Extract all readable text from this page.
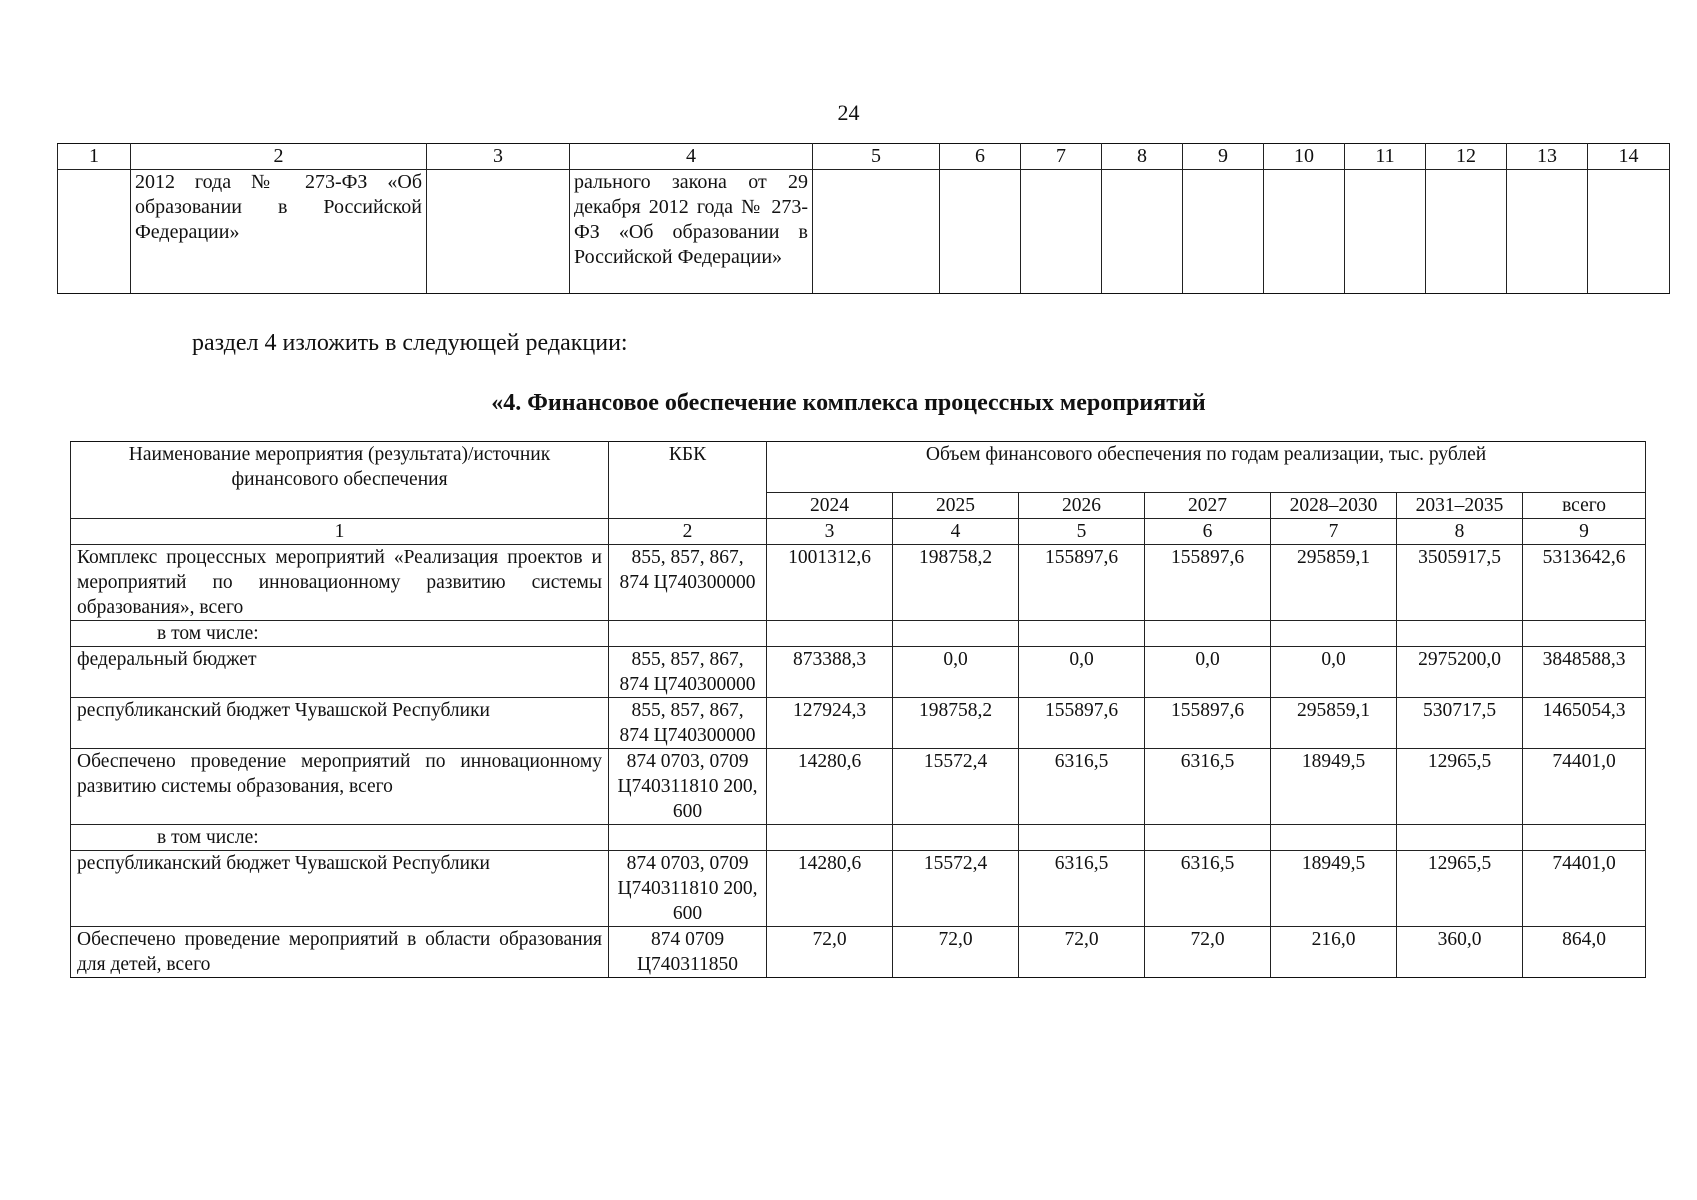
24
1	2	3	4	5	6	7	8	9	10	11	12	13	14
	2012 года № 273-ФЗ «Об образовании в Российской Федерации»		рального закона от 29 декабря 2012 года № 273-ФЗ «Об образовании в Российской Федерации»										
раздел 4 изложить в следующей редакции:
«4. Финансовое обеспечение комплекса процессных мероприятий
Наименование мероприятия (результата)/источник финансового обеспечения	КБК	Объем финансового обеспечения по годам реализации, тыс. рублей						
		2024	2025	2026	2027	2028–2030	2031–2035	всего
1	2	3	4	5	6	7	8	9
Комплекс процессных мероприятий «Реализация проектов и мероприятий по инновационному развитию системы образования», всего	855, 857, 867, 874 Ц740300000	1001312,6	198758,2	155897,6	155897,6	295859,1	3505917,5	5313642,6
в том числе:								
федеральный бюджет	855, 857, 867, 874 Ц740300000	873388,3	0,0	0,0	0,0	0,0	2975200,0	3848588,3
республиканский бюджет Чувашской Республики	855, 857, 867, 874 Ц740300000	127924,3	198758,2	155897,6	155897,6	295859,1	530717,5	1465054,3
Обеспечено проведение мероприятий по инновационному развитию системы образования, всего	874 0703, 0709 Ц740311810 200, 600	14280,6	15572,4	6316,5	6316,5	18949,5	12965,5	74401,0
в том числе:								
республиканский бюджет Чувашской Республики	874 0703, 0709 Ц740311810 200, 600	14280,6	15572,4	6316,5	6316,5	18949,5	12965,5	74401,0
Обеспечено проведение мероприятий в области образования для детей, всего	874 0709 Ц740311850	72,0	72,0	72,0	72,0	216,0	360,0	864,0
